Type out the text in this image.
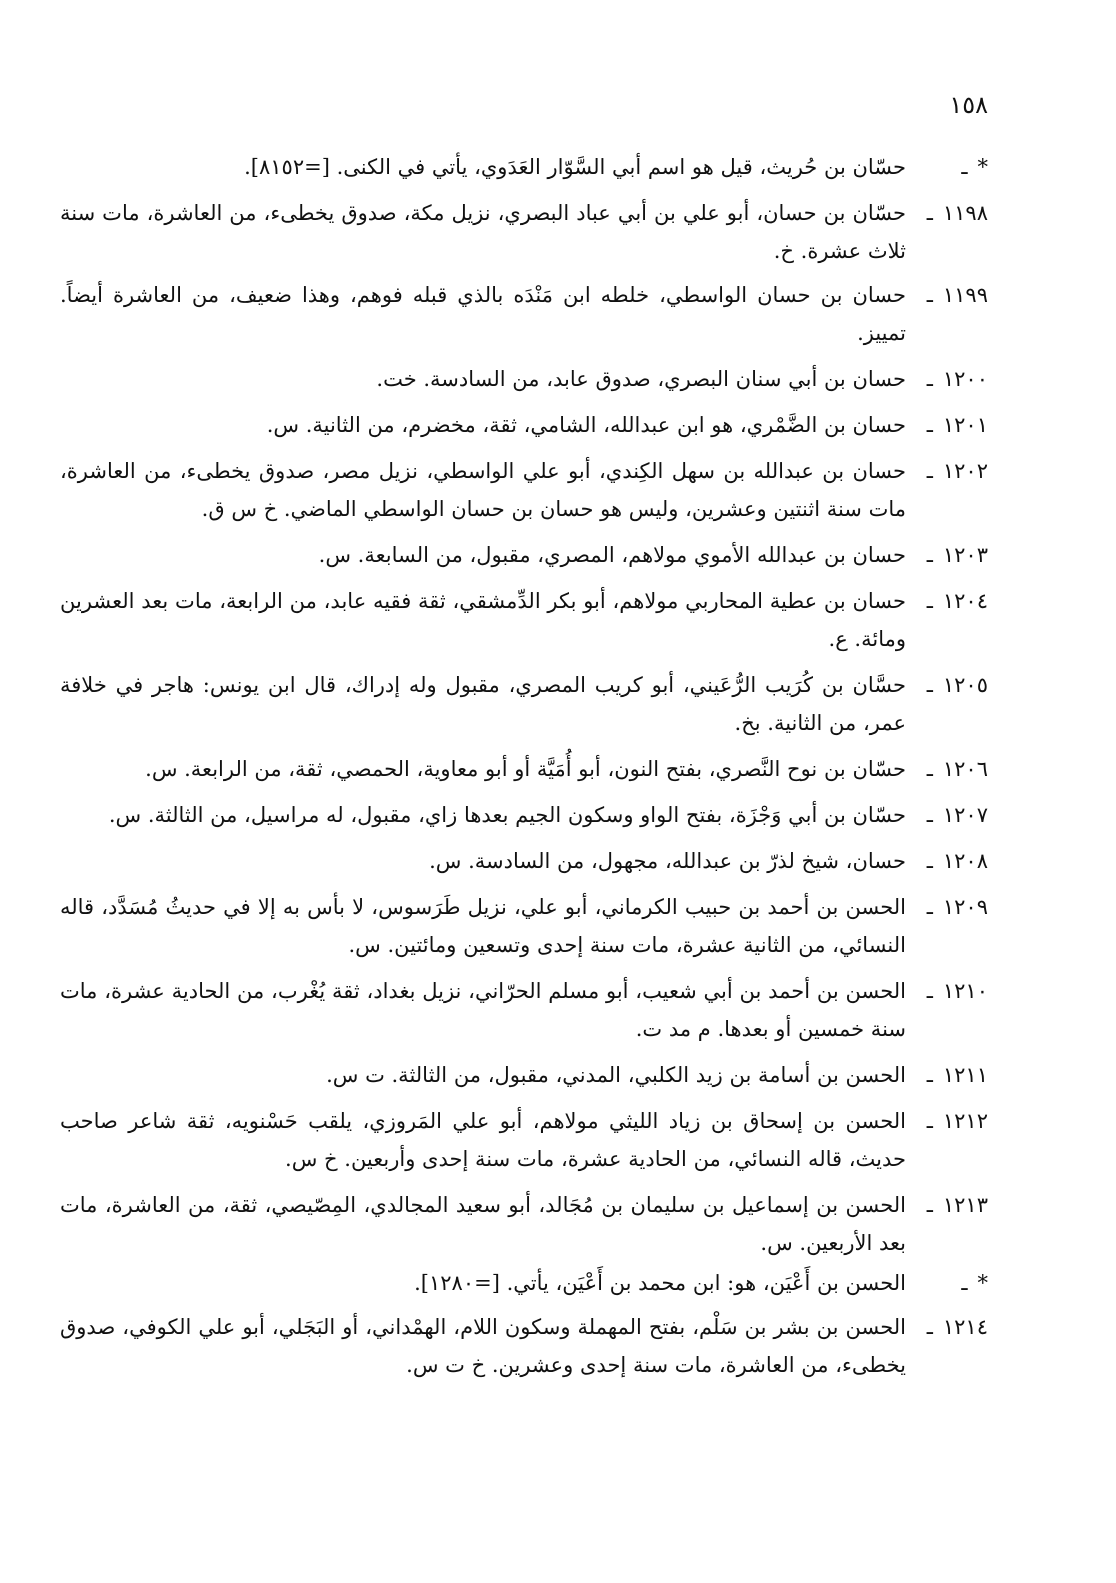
١٥٨
*ـ
حسّان بن حُريث، قيل هو اسم أبي السَّوّار العَدَوي، يأتي في الكنى. [=٨١٥٢].
١١٩٨ـ
حسّان بن حسان، أبو علي بن أبي عباد البصري، نزيل مكة، صدوق يخطىء، من العاشرة، مات سنة ثلاث عشرة. خ.
١١٩٩ـ
حسان بن حسان الواسطي، خلطه ابن مَنْدَه بالذي قبله فوهم، وهذا ضعيف، من العاشرة أيضاً. تمييز.
١٢٠٠ـ
حسان بن أبي سنان البصري، صدوق عابد، من السادسة. خت.
١٢٠١ـ
حسان بن الضَّمْري، هو ابن عبدالله، الشامي، ثقة، مخضرم، من الثانية. س.
١٢٠٢ـ
حسان بن عبدالله بن سهل الكِندي، أبو علي الواسطي، نزيل مصر، صدوق يخطىء، من العاشرة، مات سنة اثنتين وعشرين، وليس هو حسان بن حسان الواسطي الماضي. خ س ق.
١٢٠٣ـ
حسان بن عبدالله الأموي مولاهم، المصري، مقبول، من السابعة. س.
١٢٠٤ـ
حسان بن عطية المحاربي مولاهم، أبو بكر الدِّمشقي، ثقة فقيه عابد، من الرابعة، مات بعد العشرين ومائة. ع.
١٢٠٥ـ
حسَّان بن كُرَيب الرُّعَيني، أبو كريب المصري، مقبول وله إدراك، قال ابن يونس: هاجر في خلافة عمر، من الثانية. بخ.
١٢٠٦ـ
حسّان بن نوح النَّصري، بفتح النون، أبو أُمَيَّة أو أبو معاوية، الحمصي، ثقة، من الرابعة. س.
١٢٠٧ـ
حسّان بن أبي وَجْزَة، بفتح الواو وسكون الجيم بعدها زاي، مقبول، له مراسيل، من الثالثة. س.
١٢٠٨ـ
حسان، شيخ لذرّ بن عبدالله، مجهول، من السادسة. س.
١٢٠٩ـ
الحسن بن أحمد بن حبيب الكرماني، أبو علي، نزيل طَرَسوس، لا بأس به إلا في حديثُ مُسَدَّد، قاله النسائي، من الثانية عشرة، مات سنة إحدى وتسعين ومائتين. س.
١٢١٠ـ
الحسن بن أحمد بن أبي شعيب، أبو مسلم الحرّاني، نزيل بغداد، ثقة يُغْرب، من الحادية عشرة، مات سنة خمسين أو بعدها. م مد ت.
١٢١١ـ
الحسن بن أسامة بن زيد الكلبي، المدني، مقبول، من الثالثة. ت س.
١٢١٢ـ
الحسن بن إسحاق بن زياد الليثي مولاهم، أبو علي المَروزي، يلقب حَسْنويه، ثقة شاعر صاحب حديث، قاله النسائي، من الحادية عشرة، مات سنة إحدى وأربعين. خ س.
١٢١٣ـ
الحسن بن إسماعيل بن سليمان بن مُجَالد، أبو سعيد المجالدي، المِصّيصي، ثقة، من العاشرة، مات بعد الأربعين. س.
*ـ
الحسن بن أَعْيَن، هو: ابن محمد بن أَعْيَن، يأتي. [=١٢٨٠].
١٢١٤ـ
الحسن بن بشر بن سَلْم، بفتح المهملة وسكون اللام، الهمْداني، أو البَجَلي، أبو علي الكوفي، صدوق يخطىء، من العاشرة، مات سنة إحدى وعشرين. خ ت س.
